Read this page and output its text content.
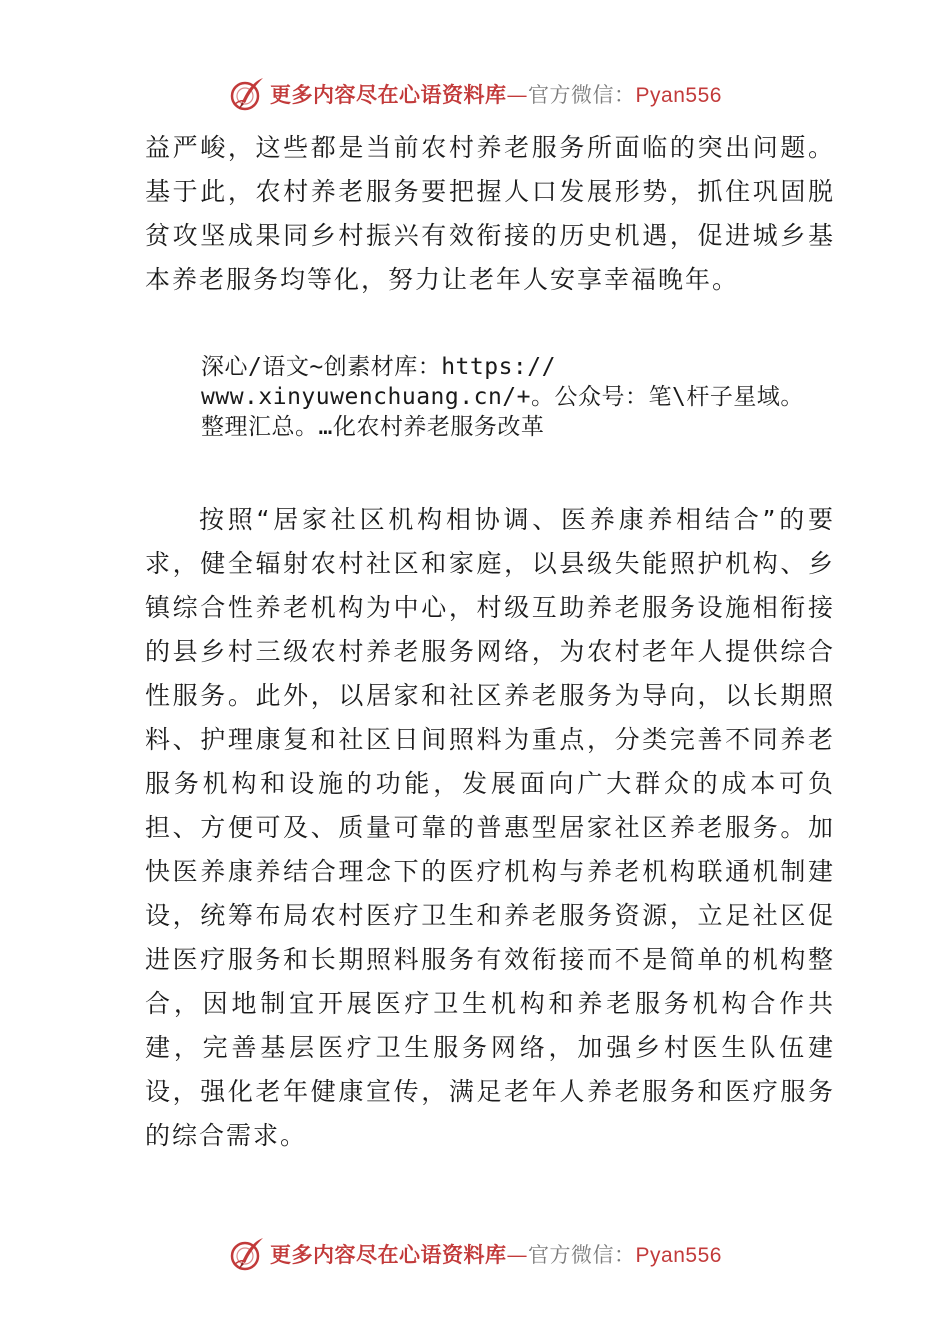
更多内容尽在心语资料库—官方微信：Pyan556

益严峻，这些都是当前农村养老服务所面临的突出问题。基于此，农村养老服务要把握人口发展形势，抓住巩固脱贫攻坚成果同乡村振兴有效衔接的历史机遇，促进城乡基本养老服务均等化，努力让老年人安享幸福晚年。

深心/语文~创素材库：https://
www.xinyuwenchuang.cn/+。公众号：笔\杆子星域。
整理汇总。…化农村养老服务改革

按照“居家社区机构相协调、医养康养相结合”的要求，健全辐射农村社区和家庭，以县级失能照护机构、乡镇综合性养老机构为中心，村级互助养老服务设施相衔接的县乡村三级农村养老服务网络，为农村老年人提供综合性服务。此外，以居家和社区养老服务为导向，以长期照料、护理康复和社区日间照料为重点，分类完善不同养老服务机构和设施的功能，发展面向广大群众的成本可负担、方便可及、质量可靠的普惠型居家社区养老服务。加快医养康养结合理念下的医疗机构与养老机构联通机制建设，统筹布局农村医疗卫生和养老服务资源，立足社区促进医疗服务和长期照料服务有效衔接而不是简单的机构整合，因地制宜开展医疗卫生机构和养老服务机构合作共建，完善基层医疗卫生服务网络，加强乡村医生队伍建设，强化老年健康宣传，满足老年人养老服务和医疗服务的综合需求。

更多内容尽在心语资料库—官方微信：Pyan556
